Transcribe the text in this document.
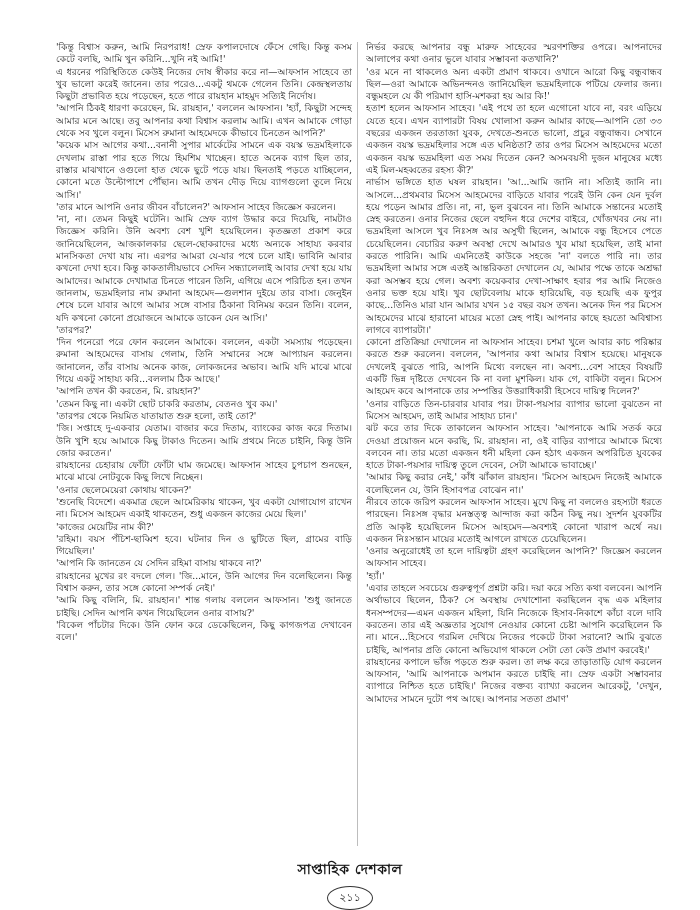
'কিন্তু বিশ্বাস করুন, আমি নিরপরাধ! স্রেফ কপালদোষে ফেঁসে গেছি। কিন্তু কসম কেটে বলছি, আমি খুন করিনি...খুনি নই আমি!'

এ ধরনের পরিস্থিতিতে কেউই নিজের দোষ স্বীকার করে না—আফসান সাহেবে তা খুব ভালো করেই জানেন। তার পরেও...একটু থমকে গেলেন তিনি। কেন্দ্রস্থলতায় কিছুটা প্রভাবিত হয়ে পড়েছেন, হতে পারে রায়হান মাহমুদ সত্যিই নির্দোষ।

'আপনি ঠিকই ধারণা করেছেন, মি. রায়হান,' বললেন আফসান। 'হ্যাঁ, কিছুটা সন্দেহ আমার মনে আছে। তবু আপনার কথা বিশ্বাস করলাম আমি। এখন আমাকে গোড়া থেকে সব খুলে বলুন। মিসেস রুমানা আহমেদকে কীভাবে চিনতেন আপনি?'

'কয়েক মাস আগের কথা...বনানী সুপার মার্কেটের সামনে এক বয়স্ক ভদ্রমহিলাকে দেখলাম রাস্তা পার হতে গিয়ে হিমশিম খাচ্ছেন। হাতে অনেক ব্যাগ ছিল তার, রাস্তার মাঝখানে ওগুলো হাত থেকে ছুটে পড়ে যায়। ছিনতাই পড়তে যাচ্ছিলেন, কোনো মতে উল্টোপাশে পৌঁছান। আমি তখন দৌড় দিয়ে ব্যাগগুলো তুলে নিয়ে আসি।'

'তার মানে আপনি ওনার জীবন বাঁচালেন?' আফসান সাহেব জিজ্ঞেস করলেন।

'না, না। তেমন কিছুই ঘটেনি। আমি স্রেফ ব্যাগ উদ্ধার করে দিয়েছি, নামটাও জিজ্ঞেস করিনি। উনি অবশ্য বেশ খুশি হয়েছিলেন। কৃতজ্ঞতা প্রকাশ করে জানিয়েছিলেন, আজকালকার ছেলে-ছোকরাদের মধ্যে অন্যকে সাহায্য করবার মানসিকতা দেখা যায় না। এরপর আমরা যে-যার পথে চলে যাই। ভাবিনি আবার কখনো দেখা হবে। কিন্তু কাকতালীয়ভাবে সেদিন সন্ধ্যালেলাই আবার দেখা হয়ে যায় আমাদের। আমাকে দেখামাত্র চিনতে পারেন তিনি, এগিয়ে এসে পরিচিত হন। তখন জানলাম, ভদ্রমহিলার নাম রুমানা আহমেদ—গুলশান দুইয়ে তার বাসা। জেনুইন শেষে চলে যাবার আগে আমার সঙ্গে বাসার ঠিকানা বিনিময় করেন তিনি। বলেন, যদি কখনো কোনো প্রয়োজনে আমাকে ডাকেন যেন আসি।'

'তারপর?'

'দিন পনেরো পরে ফোন করলেন আমাকে। বললেন, একটা সমস্যায় পড়েছেন। রুমানা আহমেদের বাসায় গেলাম, তিনি সম্মানের সঙ্গে আপ্যায়ন করলেন। জানালেন, তাঁর বাসায় অনেক কাজ, লোকজনের অভাব। আমি যদি মাঝে মাঝে গিয়ে একটু সাহায্য করি...বললাম ঠিক আছে।'

'আপনি তখন কী করতেন, মি. রায়হান?'

'তেমন কিছু না। একটা ছোট চাকরি করতাম, বেতনও খুব কম।'

'তারপর থেকে নিয়মিত যাতায়াত শুরু হলো, তাই তো?'

'জি। সপ্তাহে দু-একবার যেতাম। বাজার করে দিতাম, ব্যাংকের কাজ করে দিতাম। উনি খুশি হয়ে আমাকে কিছু টাকাও দিতেন। আমি প্রথমে নিতে চাইনি, কিন্তু উনি জোর করতেন।'

রায়হানের চেহারায় ফোঁটা ফোঁটা ঘাম জমেছে। আফসান সাহেব চুপচাপ শুনছেন, মাঝে মাঝে নোটবুকে কিছু লিখে নিচ্ছেন।

'ওনার ছেলেমেয়েরা কোথায় থাকেন?'

'শুনেছি বিদেশে। একমাত্র ছেলে আমেরিকায় থাকেন, খুব একটা যোগাযোগ রাখেন না। মিসেস আহমেদ একাই থাকতেন, শুধু একজন কাজের মেয়ে ছিল।'

'কাজের মেয়েটির নাম কী?'

'রহিমা। বয়স পঁচিশ-ছাব্বিশ হবে। ঘটনার দিন ও ছুটিতে ছিল, গ্রামের বাড়ি গিয়েছিল।'

'আপনি কি জানতেন যে সেদিন রহিমা বাসায় থাকবে না?'

রায়হানের মুখের রং বদলে গেল। 'জি...মানে, উনি আগের দিন বলেছিলেন। কিন্তু বিশ্বাস করুন, তার সঙ্গে কোনো সম্পর্ক নেই।'

'আমি কিছু বলিনি, মি. রায়হান।' শান্ত গলায় বললেন আফসান। 'শুধু জানতে চাইছি। সেদিন আপনি কখন গিয়েছিলেন ওনার বাসায়?'

'বিকেল পাঁচটার দিকে। উনি ফোন করে ডেকেছিলেন, কিছু কাগজপত্র দেখাবেন বলে।'

নির্ভর করছে আপনার বন্ধু মারুফ সাহেবের স্মরণশক্তির ওপরে। আপনাদের আলাপের কথা ওনার ভুলে যাবার সম্ভাবনা কতখানি?'

'ওর মনে না থাকলেও অন্য একটা প্রমাণ থাকবে। ওখানে আরো কিছু বন্ধুবান্ধব ছিল—ওরা আমাকে অভিনন্দনও জানিয়েছিল ভদ্রমহিলাকে পটিয়ে ফেলার জন্য। বন্ধুমহলে যে কী পরিমাণ হাসি-মশকরা হয় আর কি!'

হতাশ হলেন আফসান সাহেব। 'এই পথে তা হলে এগোনো যাবে না, বরং এড়িয়ে যেতে হবে। এখন ব্যাপারটা বিষয় খোলাসা করুন আমার কাছে—আপনি তো ৩৩ বছরের একজন তরতাজা যুবক, দেখতে-শুনতে ভালো, প্রচুর বন্ধুবান্ধব। সেখানে একজন বয়স্ক ভদ্রমহিলার সঙ্গে এত ঘনিষ্ঠতা? তার ওপর মিসেস আহমেদের মতো একজন বয়স্ক ভদ্রমহিলা এত সময় দিতেন কেন? অসমবয়সী দুজন মানুষের মধ্যে এই মিল-মহব্বতের রহস্য কী?'

নার্ভাস ভঙ্গিতে হাত ঘষল রায়হান। 'আ...আমি জানি না। সত্যিই জানি না। আসলে...প্রথমবার মিসেস আহমেদের বাড়িতে যাবার পরেই উনি কেন যেন দুর্বল হয়ে পড়েন আমার প্রতি। না, না, ভুল বুঝবেন না। তিনি আমাকে সন্তানের মতোই স্নেহ করতেন। ওনার নিজের ছেলে বহুদিন ধরে দেশের বাইরে, খোঁজখবর নেয় না। ভদ্রমহিলা আসলে খুব নিঃসঙ্গ আর অসুখী ছিলেন, আমাকে বন্ধু হিসেবে পেতে চেয়েছিলেন। বেচারির করুণ অবস্থা দেখে আমারও খুব মায়া হয়েছিল, তাই মানা করতে পারিনি। আমি এমনিতেই কাউকে সহজে 'না' বলতে পারি না। তার ভদ্রমহিলা আমার সঙ্গে এতই আন্তরিকতা দেখালেন যে, আমার পক্ষে তাকে অশ্রদ্ধা করা অসম্ভব হয়ে গেল। অবশ্য কয়েকবার দেখা-সাক্ষাৎ হবার পর আমি নিজেও ওনার ভক্ত হয়ে যাই। খুব ছোটবেলায় মাকে হারিয়েছি, বড় হয়েছি এক ফুপুর কাছে...তিনিও মারা যান আমার যখন ১৫ বছর বয়স তখন। অনেক দিন পর মিসেস আহমেদের মাঝে হারানো মায়ের মতো স্নেহ পাই। আপনার কাছে হয়তো অবিশ্বাস্য লাগবে ব্যাপারটা।'

কোনো প্রতিক্রিয়া দেখালেন না আফসান সাহেব। চশমা খুলে আবার কাচ পরিষ্কার করতে শুরু করলেন। বললেন, 'আপনার কথা আমার বিশ্বাস হয়েছে। মানুষকে দেখলেই বুঝতে পারি, আপনি মিথ্যে বলছেন না। অবশ্য...বেশ সাহেব বিষয়টি একটি ভিন্ন দৃষ্টিতে দেখবেন কি না বলা মুশকিল। যাক গে, বাকিটা বলুন। মিসেস আহমেদ কবে আপনাকে তার সম্পত্তির উত্তরাধিকারী হিসেবে দায়িত্ব দিলেন?'

'ওনার বাড়িতে তিন-চারবার যাবার পর। টাকা-পয়সার ব্যাপার ভালো বুঝতেন না মিসেস আহমেদ, তাই আমার সাহায্য চান।'

ঝট করে তার দিকে তাকালেন আফসান সাহেব। 'আপনাকে আমি সতর্ক করে দেওয়া প্রয়োজন মনে করছি, মি. রায়হান। না, ওই বাড়ির ব্যাপারে আমাকে মিথ্যে বলবেন না। তার মতো একজন ধনী মহিলা কেন হঠাৎ একজন অপরিচিত যুবকের হাতে টাকা-পয়সার দায়িত্ব তুলে দেবেন, সেটা আমাকে ভাবাচ্ছে।'

'আমার কিছু করার নেই,' কাঁধ ঝাঁকাল রায়হান। 'মিসেস আহমেদ নিজেই আমাকে বলেছিলেন যে, উনি হিসাবপত্র বোঝেন না।'

নীরবে তাকে জরিপ করলেন আফসান সাহেব। মুখে কিছু না বললেও রহস্যটা ধরতে পারছেন। নিঃসঙ্গ বৃদ্ধার মনস্তত্ত্ব আন্দাজ করা কঠিন কিছু নয়। সুদর্শন যুবকটির প্রতি আকৃষ্ট হয়েছিলেন মিসেস আহমেদ—অবশ্যই কোনো খারাপ অর্থে নয়। একজন নিঃসন্তান মায়ের মতোই আগলে রাখতে চেয়েছিলেন।

'ওনার অনুরোধেই তা হলে দায়িত্বটা গ্রহণ করেছিলেন আপনি?' জিজ্ঞেস করলেন আফসান সাহেব।

'হ্যাঁ।'

'এবার তাহলে সবচেয়ে গুরুত্বপূর্ণ প্রশ্নটা করি। দয়া করে সত্যি কথা বলবেন। আপনি অর্থাভাবে ছিলেন, ঠিক? সে অবস্থায় দেখাশোনা করছিলেন বৃদ্ধ এক মহিলার ধনসম্পদের—এমন একজন মহিলা, যিনি নিজেকে হিসাব-নিকাশে কাঁচা বলে দাবি করতেন। তার এই অজ্ঞতার সুযোগ নেওয়ার কোনো চেষ্টা আপনি করেছিলেন কি না। মানে...হিসেবে গরমিল দেখিয়ে নিজের পকেটে টাকা সরানো? আমি বুঝতে চাইছি, আপনার প্রতি কোনো অভিযোগ থাকলে সেটা তো কেউ প্রমাণ করবেই।'

রায়হানের কপালে ভাঁজ পড়তে শুরু করল। তা লক্ষ করে তাড়াতাড়ি যোগ করলেন আফসান, 'আমি আপনাকে অপমান করতে চাইছি না। স্রেফ একটা সম্ভাবনার ব্যাপারে নিশ্চিত হতে চাইছি।' নিজের বক্তব্য ব্যাখ্যা করলেন আরেকটু, 'দেখুন, আমাদের সামনে দুটো পথ আছে। আপনার সততা প্রমাণ'

সাপ্তাহিক দেশকাল
২১১
